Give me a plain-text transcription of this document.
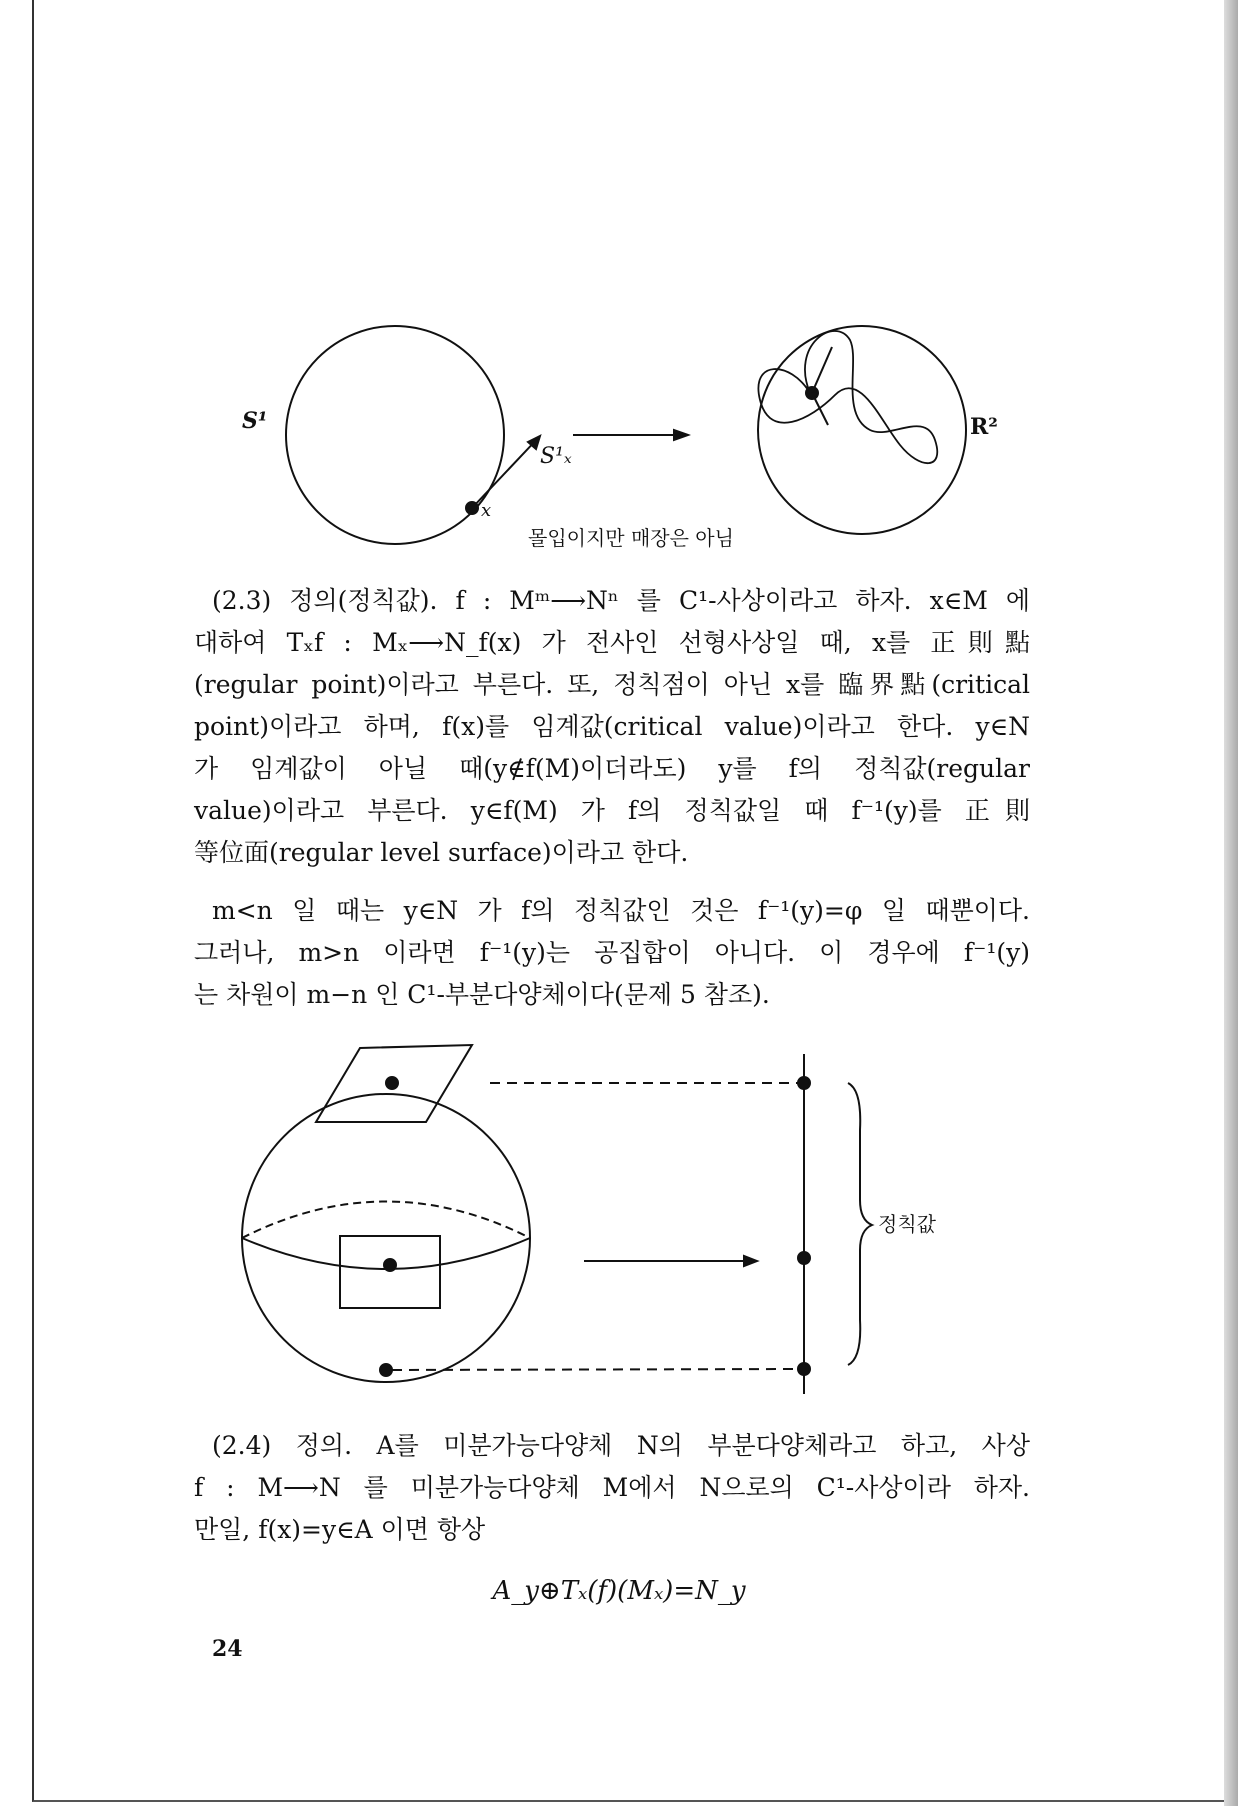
S¹
S¹ₓ
x
R²
몰입이지만 매장은 아님
정칙값
(2.3) 정의(정칙값). f : Mᵐ⟶Nⁿ 를 C¹-사상이라고 하자. x∈M 에
대하여 Tₓf : Mₓ⟶N_f(x) 가 전사인 선형사상일 때, x를 正則點
(regular point)이라고 부른다. 또, 정칙점이 아닌 x를 臨界點(critical
point)이라고 하며, f(x)를 임계값(critical value)이라고 한다. y∈N
가 임계값이 아닐 때(y∉f(M)이더라도) y를 f의 정칙값(regular
value)이라고 부른다. y∈f(M) 가 f의 정칙값일 때 f⁻¹(y)를 正則
等位面(regular level surface)이라고 한다.
m<n 일 때는 y∈N 가 f의 정칙값인 것은 f⁻¹(y)=φ 일 때뿐이다.
그러나, m>n 이라면 f⁻¹(y)는 공집합이 아니다. 이 경우에 f⁻¹(y)
는 차원이 m−n 인 C¹-부분다양체이다(문제 5 참조).
(2.4) 정의. A를 미분가능다양체 N의 부분다양체라고 하고, 사상
f : M⟶N 를 미분가능다양체 M에서 N으로의 C¹-사상이라 하자.
만일, f(x)=y∈A 이면 항상
A_y⊕Tₓ(f)(Mₓ)=N_y
24
